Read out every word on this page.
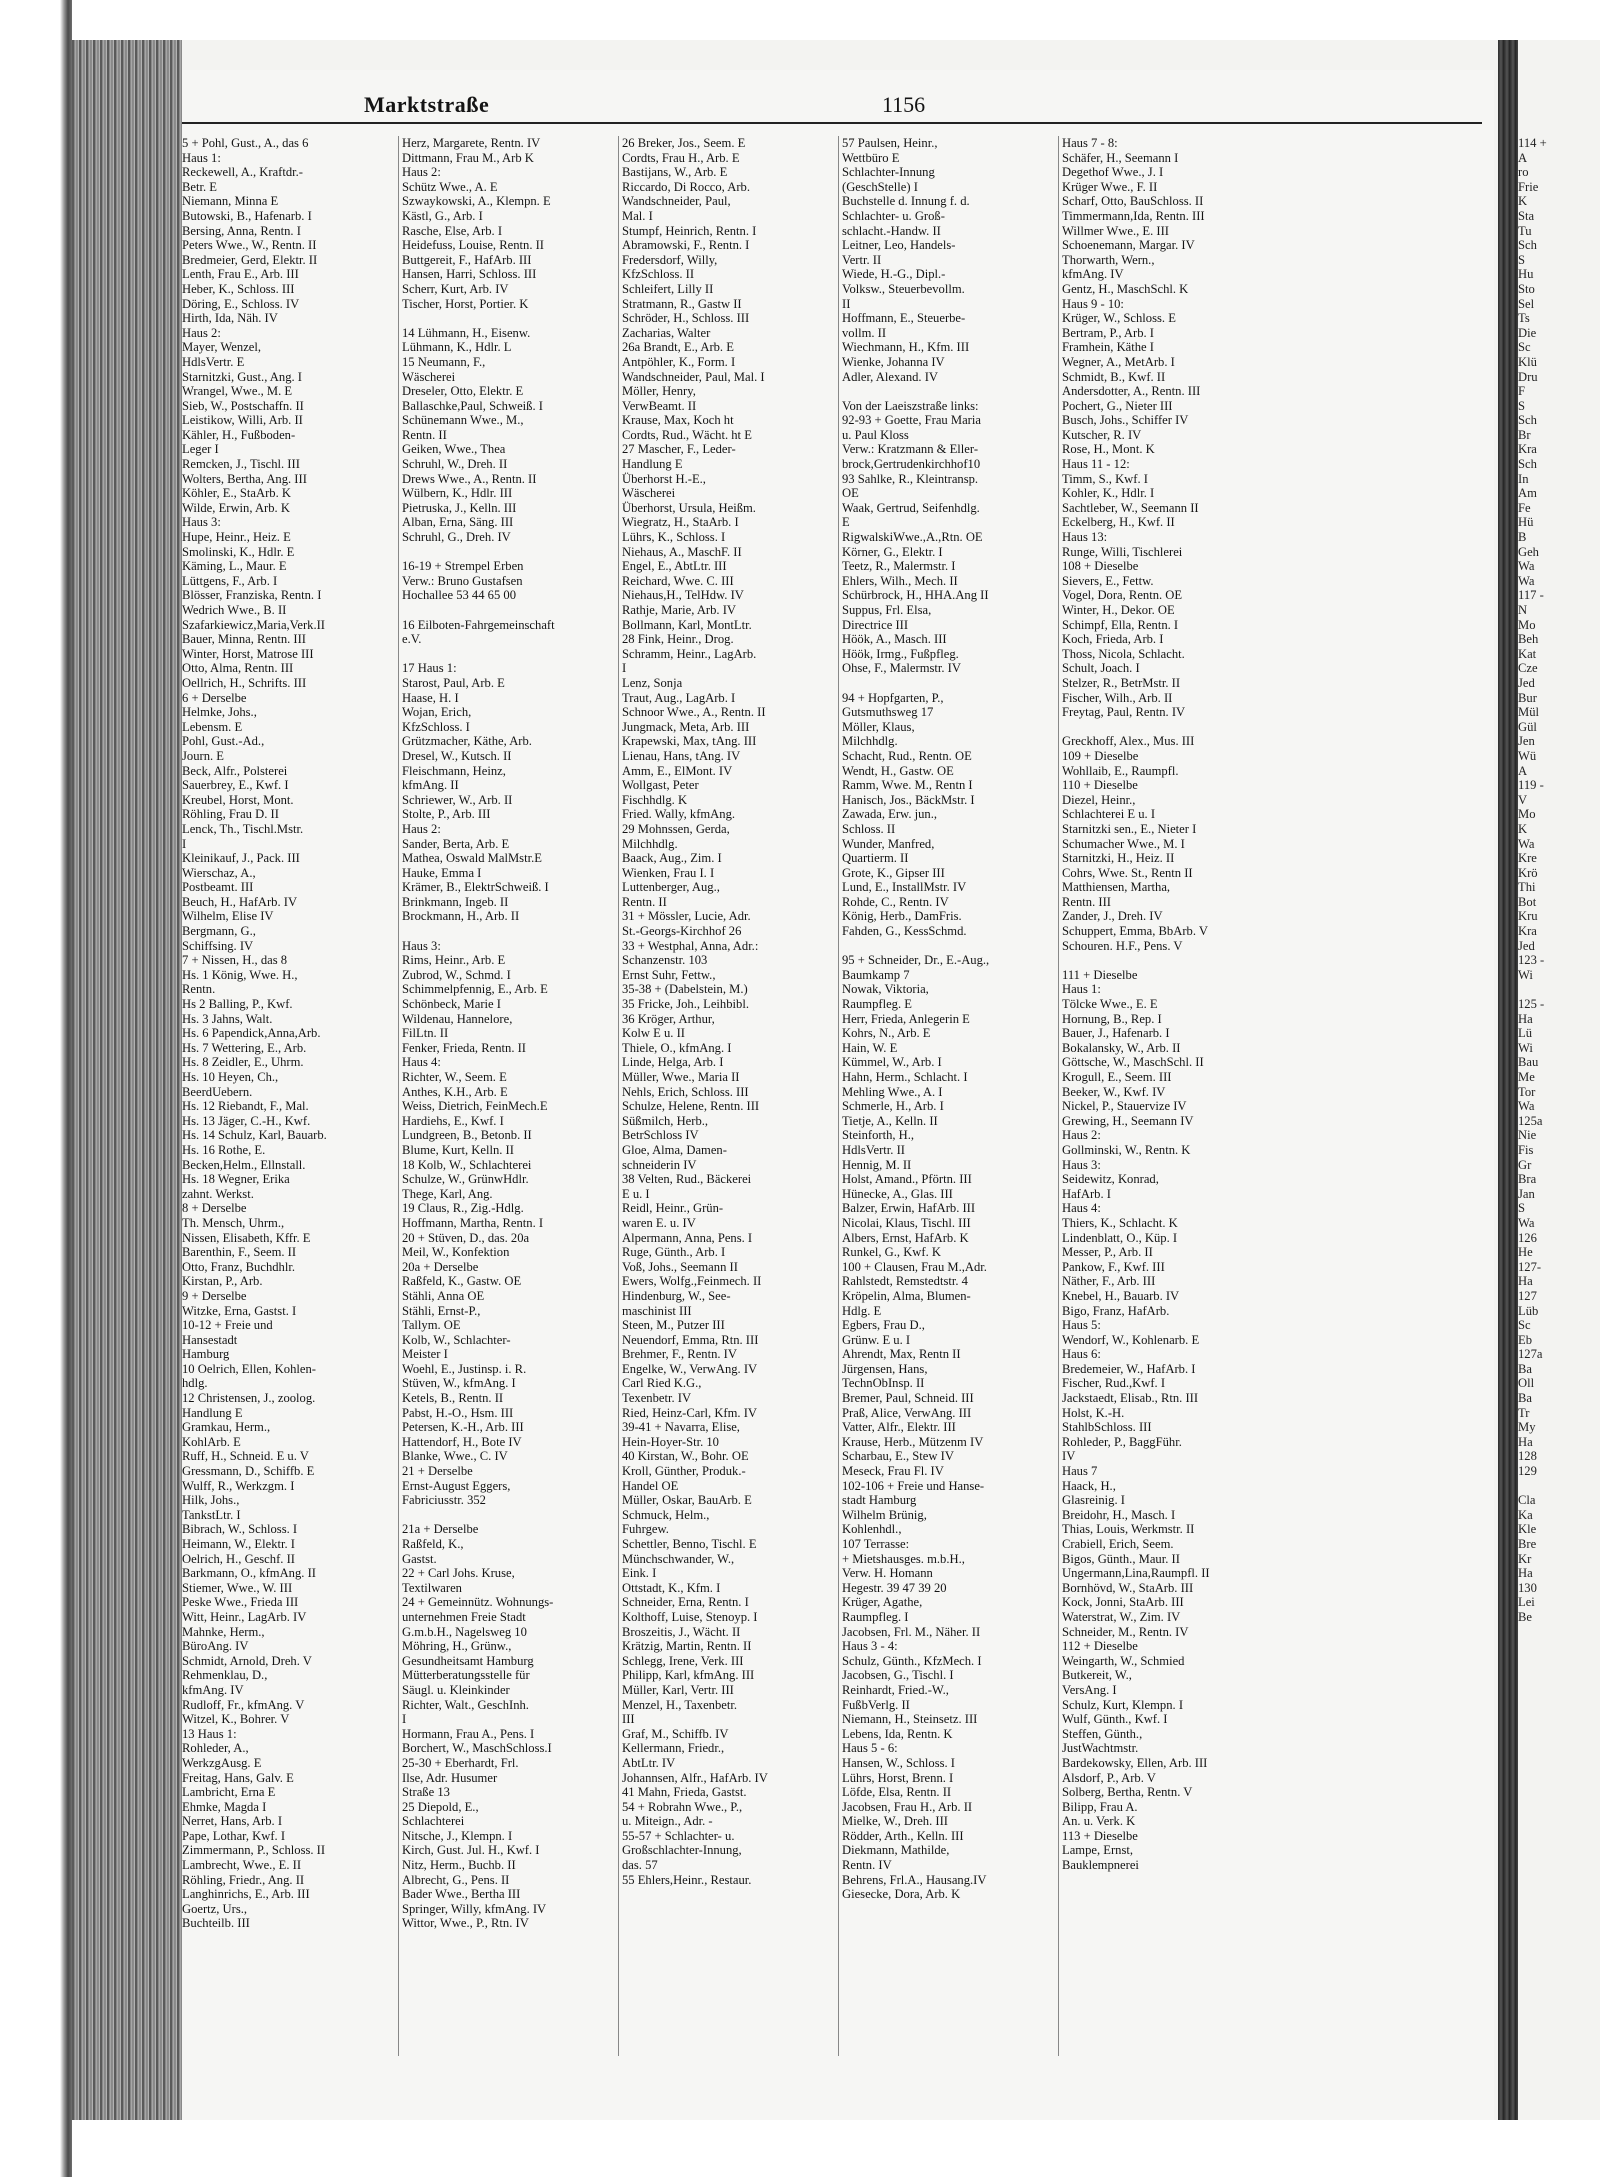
Marktstraße	1156
5 + Pohl, Gust., A., das 6
Haus 1:
Reckewell, A., Kraftdr.-
Betr. E
Niemann, Minna E
Butowski, B., Hafenarb. I
Bersing, Anna, Rentn. I
Peters Wwe., W., Rentn. II
Bredmeier, Gerd, Elektr. II
Lenth, Frau E., Arb. III
Heber, K., Schloss. III
Döring, E., Schloss. IV
Hirth, Ida, Näh. IV
Haus 2:
Mayer, Wenzel,
HdlsVertr. E
Starnitzki, Gust., Ang. I
Wrangel, Wwe., M. E
Sieb, W., Postschaffn. II
Leistikow, Willi, Arb. II
Kähler, H., Fußboden-
Leger I
Remcken, J., Tischl. III
Wolters, Bertha, Ang. III
Köhler, E., StaArb. K
Wilde, Erwin, Arb. K
Haus 3:
Hupe, Heinr., Heiz. E
Smolinski, K., Hdlr. E
Käming, L., Maur. E
Lüttgens, F., Arb. I
Blösser, Franziska, Rentn. I
Wedrich Wwe., B. II
Szafarkiewicz,Maria,Verk.II
Bauer, Minna, Rentn. III
Winter, Horst, Matrose III
Otto, Alma, Rentn. III
Oellrich, H., Schrifts. III
6 + Derselbe
Helmke, Johs.,
Lebensm. E
Pohl, Gust.-Ad.,
Journ. E
Beck, Alfr., Polsterei
Sauerbrey, E., Kwf. I
Kreubel, Horst, Mont.
Röhling, Frau D. II
Lenck, Th., Tischl.Mstr.
I
Kleinikauf, J., Pack. III
Wierschaz, A.,
Postbeamt. III
Beuch, H., HafArb. IV
Wilhelm, Elise IV
Bergmann, G.,
Schiffsing. IV
7 + Nissen, H., das 8
Hs. 1 König, Wwe. H.,
Rentn.
Hs 2 Balling, P., Kwf.
Hs. 3 Jahns, Walt.
Hs. 6 Papendick,Anna,Arb.
Hs. 7 Wettering, E., Arb.
Hs. 8 Zeidler, E., Uhrm.
Hs. 10 Heyen, Ch.,
BeerdUebern.
Hs. 12 Riebandt, F., Mal.
Hs. 13 Jäger, C.-H., Kwf.
Hs. 14 Schulz, Karl, Bauarb.
Hs. 16 Rothe, E.
Becken,Helm., Ellnstall.
Hs. 18 Wegner, Erika
zahnt. Werkst.
8 + Derselbe
Th. Mensch, Uhrm.,
Nissen, Elisabeth, Kffr. E
Barenthin, F., Seem. II
Otto, Franz, Buchdhlr.
Kirstan, P., Arb.
9 + Derselbe
Witzke, Erna, Gastst. I
10-12 + Freie und
Hansestadt
Hamburg
10 Oelrich, Ellen, Kohlen-
hdlg.
12 Christensen, J., zoolog.
Handlung E
Gramkau, Herm.,
KohlArb. E
Ruff, H., Schneid. E u. V
Gressmann, D., Schiffb. E
Wulff, R., Werkzgm. I
Hilk, Johs.,
TankstLtr. I
Bibrach, W., Schloss. I
Heimann, W., Elektr. I
Oelrich, H., Geschf. II
Barkmann, O., kfmAng. II
Stiemer, Wwe., W. III
Peske Wwe., Frieda III
Witt, Heinr., LagArb. IV
Mahnke, Herm.,
BüroAng. IV
Schmidt, Arnold, Dreh. V
Rehmenklau, D.,
kfmAng. IV
Rudloff, Fr., kfmAng. V
Witzel, K., Bohrer. V
13 Haus 1:
Rohleder, A.,
WerkzgAusg. E
Freitag, Hans, Galv. E
Lambricht, Erna E
Ehmke, Magda I
Nerret, Hans, Arb. I
Pape, Lothar, Kwf. I
Zimmermann, P., Schloss. II
Lambrecht, Wwe., E. II
Röhling, Friedr., Ang. II
Langhinrichs, E., Arb. III
Goertz, Urs.,
Buchteilb. III
Herz, Margarete, Rentn. IV
Dittmann, Frau M., Arb K
Haus 2:
Schütz Wwe., A. E
Szwaykowski, A., Klempn. E
Kästl, G., Arb. I
Rasche, Else, Arb. I
Heidefuss, Louise, Rentn. II
Buttgereit, F., HafArb. III
Hansen, Harri, Schloss. III
Scherr, Kurt, Arb. IV
Tischer, Horst, Portier. K
14 Lühmann, H., Eisenw.
Lühmann, K., Hdlr. L
15 Neumann, F.,
Wäscherei
Dreseler, Otto, Elektr. E
Ballaschke,Paul, Schweiß. I
Schünemann Wwe., M.,
Rentn. II
Geiken, Wwe., Thea
Schruhl, W., Dreh. II
Drews Wwe., A., Rentn. II
Wülbern, K., Hdlr. III
Pietruska, J., Kelln. III
Alban, Erna, Säng. III
Schruhl, G., Dreh. IV
16-19 + Strempel Erben
Verw.: Bruno Gustafsen
Hochallee 53 44 65 00
16 Eilboten-Fahrgemeinschaft
e.V.
17 Haus 1:
Starost, Paul, Arb. E
Haase, H. I
Wojan, Erich,
KfzSchloss. I
Grützmacher, Käthe, Arb.
Dresel, W., Kutsch. II
Fleischmann, Heinz,
kfmAng. II
Schriewer, W., Arb. II
Stolte, P., Arb. III
Haus 2:
Sander, Berta, Arb. E
Mathea, Oswald MalMstr.E
Hauke, Emma I
Krämer, B., ElektrSchweiß. I
Brinkmann, Ingeb. II
Brockmann, H., Arb. II
Haus 3:
Rims, Heinr., Arb. E
Zubrod, W., Schmd. I
Schimmelpfennig, E., Arb. E
Schönbeck, Marie I
Wildenau, Hannelore,
FilLtn. II
Fenker, Frieda, Rentn. II
Haus 4:
Richter, W., Seem. E
Anthes, K.H., Arb. E
Weiss, Dietrich, FeinMech.E
Hardiehs, E., Kwf. I
Lundgreen, B., Betonb. II
Blume, Kurt, Kelln. II
18 Kolb, W., Schlachterei
Schulze, W., GrünwHdlr.
Thege, Karl, Ang.
19 Claus, R., Zig.-Hdlg.
Hoffmann, Martha, Rentn. I
20 + Stüven, D., das. 20a
Meil, W., Konfektion
20a + Derselbe
Raßfeld, K., Gastw. OE
Stähli, Anna OE
Stähli, Ernst-P.,
Tallym. OE
Kolb, W., Schlachter-
Meister I
Woehl, E., Justinsp. i. R.
Stüven, W., kfmAng. I
Ketels, B., Rentn. II
Pabst, H.-O., Hsm. III
Petersen, K.-H., Arb. III
Hattendorf, H., Bote IV
Blanke, Wwe., C. IV
21 + Derselbe
Ernst-August Eggers,
Fabriciusstr. 352
21a + Derselbe
Raßfeld, K.,
Gastst.
22 + Carl Johs. Kruse,
Textilwaren
24 + Gemeinnütz. Wohnungs-
unternehmen Freie Stadt
G.m.b.H., Nagelsweg 10
Möhring, H., Grünw.,
Gesundheitsamt Hamburg
Mütterberatungsstelle für
Säugl. u. Kleinkinder
Richter, Walt., GeschInh.
I
Hormann, Frau A., Pens. I
Borchert, W., MaschSchloss.I
25-30 + Eberhardt, Frl.
Ilse, Adr. Husumer
Straße 13
25 Diepold, E.,
Schlachterei
Nitsche, J., Klempn. I
Kirch, Gust. Jul. H., Kwf. I
Nitz, Herm., Buchb. II
Albrecht, G., Pens. II
Bader Wwe., Bertha III
Springer, Willy, kfmAng. IV
Wittor, Wwe., P., Rtn. IV
26 Breker, Jos., Seem. E
Cordts, Frau H., Arb. E
Bastijans, W., Arb. E
Riccardo, Di Rocco, Arb.
Wandschneider, Paul,
Mal. I
Stumpf, Heinrich, Rentn. I
Abramowski, F., Rentn. I
Fredersdorf, Willy,
KfzSchloss. II
Schleifert, Lilly II
Stratmann, R., Gastw II
Schröder, H., Schloss. III
Zacharias, Walter
26a Brandt, E., Arb. E
Antpöhler, K., Form. I
Wandschneider, Paul, Mal. I
Möller, Henry,
VerwBeamt. II
Krause, Max, Koch ht
Cordts, Rud., Wächt. ht E
27 Mascher, F., Leder-
Handlung E
Überhorst H.-E.,
Wäscherei
Überhorst, Ursula, Heißm.
Wiegratz, H., StaArb. I
Lührs, K., Schloss. I
Niehaus, A., MaschF. II
Engel, E., AbtLtr. III
Reichard, Wwe. C. III
Niehaus,H., TelHdw. IV
Rathje, Marie, Arb. IV
Bollmann, Karl, MontLtr.
28 Fink, Heinr., Drog.
Schramm, Heinr., LagArb.
I
Lenz, Sonja
Traut, Aug., LagArb. I
Schnoor Wwe., A., Rentn. II
Jungmack, Meta, Arb. III
Krapewski, Max, tAng. III
Lienau, Hans, tAng. IV
Amm, E., ElMont. IV
Wollgast, Peter
Fischhdlg. K
Fried. Wally, kfmAng.
29 Mohnssen, Gerda,
Milchhdlg.
Baack, Aug., Zim. I
Wienken, Frau I. I
Luttenberger, Aug.,
Rentn. II
31 + Mössler, Lucie, Adr.
St.-Georgs-Kirchhof 26
33 + Westphal, Anna, Adr.:
Schanzenstr. 103
Ernst Suhr, Fettw.,
35-38 + (Dabelstein, M.)
35 Fricke, Joh., Leihbibl.
36 Kröger, Arthur,
Kolw E u. II
Thiele, O., kfmAng. I
Linde, Helga, Arb. I
Müller, Wwe., Maria II
Nehls, Erich, Schloss. III
Schulze, Helene, Rentn. III
Süßmilch, Herb.,
BetrSchloss IV
Gloe, Alma, Damen-
schneiderin IV
38 Velten, Rud., Bäckerei
E u. I
Reidl, Heinr., Grün-
waren E. u. IV
Alpermann, Anna, Pens. I
Ruge, Günth., Arb. I
Voß, Johs., Seemann II
Ewers, Wolfg.,Feinmech. II
Hindenburg, W., See-
maschinist III
Steen, M., Putzer III
Neuendorf, Emma, Rtn. III
Brehmer, F., Rentn. IV
Engelke, W., VerwAng. IV
Carl Ried K.G.,
Texenbetr. IV
Ried, Heinz-Carl, Kfm. IV
39-41 + Navarra, Elise,
Hein-Hoyer-Str. 10
40 Kirstan, W., Bohr. OE
Kroll, Günther, Produk.-
Handel OE
Müller, Oskar, BauArb. E
Schmuck, Helm.,
Fuhrgew.
Schettler, Benno, Tischl. E
Münchschwander, W.,
Eink. I
Ottstadt, K., Kfm. I
Schneider, Erna, Rentn. I
Kolthoff, Luise, Stenoyp. I
Broszeitis, J., Wächt. II
Krätzig, Martin, Rentn. II
Schlegg, Irene, Verk. III
Philipp, Karl, kfmAng. III
Müller, Karl, Vertr. III
Menzel, H., Taxenbetr.
III
Graf, M., Schiffb. IV
Kellermann, Friedr.,
AbtLtr. IV
Johannsen, Alfr., HafArb. IV
41 Mahn, Frieda, Gastst.
54 + Robrahn Wwe., P.,
u. Miteign., Adr. -
55-57 + Schlachter- u.
Großschlachter-Innung,
das. 57
55 Ehlers,Heinr., Restaur.
57 Paulsen, Heinr.,
Wettbüro E
Schlachter-Innung
(GeschStelle) I
Buchstelle d. Innung f. d.
Schlachter- u. Groß-
schlacht.-Handw. II
Leitner, Leo, Handels-
Vertr. II
Wiede, H.-G., Dipl.-
Volksw., Steuerbevollm.
II
Hoffmann, E., Steuerbe-
vollm. II
Wiechmann, H., Kfm. III
Wienke, Johanna IV
Adler, Alexand. IV
Von der Laeiszstraße links:
92-93 + Goette, Frau Maria
u. Paul Kloss
Verw.: Kratzmann & Eller-
brock,Gertrudenkirchhof10
93 Sahlke, R., Kleintransp.
OE
Waak, Gertrud, Seifenhdlg.
E
RigwalskiWwe.,A.,Rtn. OE
Körner, G., Elektr. I
Teetz, R., Malermstr. I
Ehlers, Wilh., Mech. II
Schürbrock, H., HHA.Ang II
Suppus, Frl. Elsa,
Directrice III
Höök, A., Masch. III
Höök, Irmg., Fußpfleg.
Ohse, F., Malermstr. IV
94 + Hopfgarten, P.,
Gutsmuthsweg 17
Möller, Klaus,
Milchhdlg.
Schacht, Rud., Rentn. OE
Wendt, H., Gastw. OE
Ramm, Wwe. M., Rentn I
Hanisch, Jos., BäckMstr. I
Zawada, Erw. jun.,
Schloss. II
Wunder, Manfred,
Quartierm. II
Grote, K., Gipser III
Lund, E., InstallMstr. IV
Rohde, C., Rentn. IV
König, Herb., DamFris.
Fahden, G., KessSchmd.
95 + Schneider, Dr., E.-Aug.,
Baumkamp 7
Nowak, Viktoria,
Raumpfleg. E
Herr, Frieda, Anlegerin E
Kohrs, N., Arb. E
Hain, W. E
Kümmel, W., Arb. I
Hahn, Herm., Schlacht. I
Mehling Wwe., A. I
Schmerle, H., Arb. I
Tietje, A., Kelln. II
Steinforth, H.,
HdlsVertr. II
Hennig, M. II
Holst, Amand., Pförtn. III
Hünecke, A., Glas. III
Balzer, Erwin, HafArb. III
Nicolai, Klaus, Tischl. III
Albers, Ernst, HafArb. K
Runkel, G., Kwf. K
100 + Clausen, Frau M.,Adr.
Rahlstedt, Remstedtstr. 4
Kröpelin, Alma, Blumen-
Hdlg. E
Egbers, Frau D.,
Grünw. E u. I
Ahrendt, Max, Rentn II
Jürgensen, Hans,
TechnObInsp. II
Bremer, Paul, Schneid. III
Praß, Alice, VerwAng. III
Vatter, Alfr., Elektr. III
Krause, Herb., Mützenm IV
Scharbau, E., Stew IV
Meseck, Frau Fl. IV
102-106 + Freie und Hanse-
stadt Hamburg
Wilhelm Brünig,
Kohlenhdl.,
107 Terrasse:
+ Mietshausges. m.b.H.,
Verw. H. Homann
Hegestr. 39 47 39 20
Krüger, Agathe,
Raumpfleg. I
Jacobsen, Frl. M., Näher. II
Haus 3 - 4:
Schulz, Günth., KfzMech. I
Jacobsen, G., Tischl. I
Reinhardt, Fried.-W.,
FußbVerlg. II
Niemann, H., Steinsetz. III
Lebens, Ida, Rentn. K
Haus 5 - 6:
Hansen, W., Schloss. I
Lührs, Horst, Brenn. I
Löfde, Elsa, Rentn. II
Jacobsen, Frau H., Arb. II
Mielke, W., Dreh. III
Rödder, Arth., Kelln. III
Diekmann, Mathilde,
Rentn. IV
Behrens, Frl.A., Hausang.IV
Giesecke, Dora, Arb. K
Haus 7 - 8:
Schäfer, H., Seemann I
Degethof Wwe., J. I
Krüger Wwe., F. II
Scharf, Otto, BauSchloss. II
Timmermann,Ida, Rentn. III
Willmer Wwe., E. III
Schoenemann, Margar. IV
Thorwarth, Wern.,
kfmAng. IV
Gentz, H., MaschSchl. K
Haus 9 - 10:
Krüger, W., Schloss. E
Bertram, P., Arb. I
Framhein, Käthe I
Wegner, A., MetArb. I
Schmidt, B., Kwf. II
Andersdotter, A., Rentn. III
Pochert, G., Nieter III
Busch, Johs., Schiffer IV
Kutscher, R. IV
Rose, H., Mont. K
Haus 11 - 12:
Timm, S., Kwf. I
Kohler, K., Hdlr. I
Sachtleber, W., Seemann II
Eckelberg, H., Kwf. II
Haus 13:
Runge, Willi, Tischlerei
108 + Dieselbe
Sievers, E., Fettw.
Vogel, Dora, Rentn. OE
Winter, H., Dekor. OE
Schimpf, Ella, Rentn. I
Koch, Frieda, Arb. I
Thoss, Nicola, Schlacht.
Schult, Joach. I
Stelzer, R., BetrMstr. II
Fischer, Wilh., Arb. II
Freytag, Paul, Rentn. IV
Greckhoff, Alex., Mus. III
109 + Dieselbe
Wohllaib, E., Raumpfl.
110 + Dieselbe
Diezel, Heinr.,
Schlachterei E u. I
Starnitzki sen., E., Nieter I
Schumacher Wwe., M. I
Starnitzki, H., Heiz. II
Cohrs, Wwe. St., Rentn II
Matthiensen, Martha,
Rentn. III
Zander, J., Dreh. IV
Schuppert, Emma, BbArb. V
Schouren. H.F., Pens. V
111 + Dieselbe
Haus 1:
Tölcke Wwe., E. E
Hornung, B., Rep. I
Bauer, J., Hafenarb. I
Bokalansky, W., Arb. II
Göttsche, W., MaschSchl. II
Krogull, E., Seem. III
Beeker, W., Kwf. IV
Nickel, P., Stauervize IV
Grewing, H., Seemann IV
Haus 2:
Gollminski, W., Rentn. K
Haus 3:
Seidewitz, Konrad,
HafArb. I
Haus 4:
Thiers, K., Schlacht. K
Lindenblatt, O., Küp. I
Messer, P., Arb. II
Pankow, F., Kwf. III
Näther, F., Arb. III
Knebel, H., Bauarb. IV
Bigo, Franz, HafArb.
Haus 5:
Wendorf, W., Kohlenarb. E
Haus 6:
Bredemeier, W., HafArb. I
Fischer, Rud.,Kwf. I
Jackstaedt, Elisab., Rtn. III
Holst, K.-H.
StahlbSchloss. III
Rohleder, P., BaggFühr.
IV
Haus 7
Haack, H.,
Glasreinig. I
Breidohr, H., Masch. I
Thias, Louis, Werkmstr. II
Crabiell, Erich, Seem.
Bigos, Günth., Maur. II
Ungermann,Lina,Raumpfl. II
Bornhövd, W., StaArb. III
Kock, Jonni, StaArb. III
Waterstrat, W., Zim. IV
Schneider, M., Rentn. IV
112 + Dieselbe
Weingarth, W., Schmied
Butkereit, W.,
VersAng. I
Schulz, Kurt, Klempn. I
Wulf, Günth., Kwf. I
Steffen, Günth.,
JustWachtmstr.
Bardekowsky, Ellen, Arb. III
Alsdorf, P., Arb. V
Solberg, Bertha, Rentn. V
Bilipp, Frau A.
An. u. Verk. K
113 + Dieselbe
Lampe, Ernst,
Bauklempnerei
114 +
A
ro
Frie
K
Sta
Tu
Sch
S
Hu
Sto
Sel
Ts
Die
Sc
Klü
Dru
F
S
Sch
Br
Kra
Sch
In
Am
Fe
Hü
B
Geh
Wa
Wa
117 -
N
Mo
Beh
Kat
Cze
Jed
Bur
Mül
Gül
Jen
Wü
A
119 -
V
Mo
K
Wa
Kre
Krö
Thi
Bot
Kru
Kra
Jed
123 -
Wi
125 -
Ha
Lü
Wi
Bau
Me
Tor
Wa
125a
Nie
Fis
Gr
Bra
Jan
S
Wa
126
He
127-
Ha
127
Lüb
Sc
Eb
127a
Ba
Oll
Ba
Tr
My
Ha
128
129
Cla
Ka
Kle
Bre
Kr
Ha
130
Lei
Be
